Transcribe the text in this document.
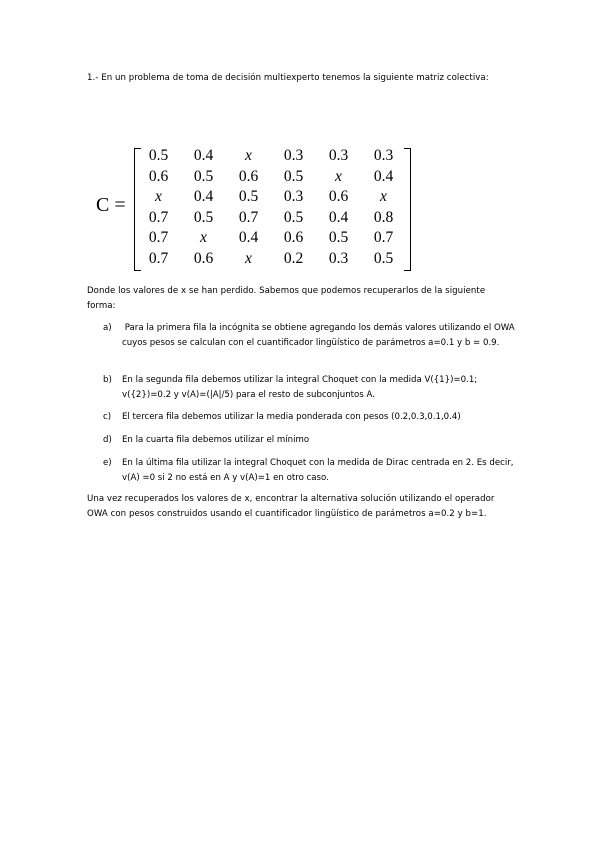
1.- En un problema de toma de decisión multiexperto tenemos la siguiente matriz colectiva:

C =
0.5	0.4	x	0.3	0.3	0.3
0.6	0.5	0.6	0.5	x	0.4
x	0.4	0.5	0.3	0.6	x
0.7	0.5	0.7	0.5	0.4	0.8
0.7	x	0.4	0.6	0.5	0.7
0.7	0.6	x	0.2	0.3	0.5

Donde los valores de x se han perdido. Sabemos que podemos recuperarlos de la siguiente forma:

a) Para la primera fila la incógnita se obtiene agregando los demás valores utilizando el OWA cuyos pesos se calculan con el cuantificador lingüístico de parámetros a=0.1 y b = 0.9.
b) En la segunda fila debemos utilizar la integral Choquet con la medida V({1})=0.1; v({2})=0.2 y v(A)=(|A|/5) para el resto de subconjuntos A.
c) El tercera fila debemos utilizar la media ponderada con pesos (0.2,0.3,0.1,0.4)
d) En la cuarta fila debemos utilizar el mínimo
e) En la última fila utilizar la integral Choquet con la medida de Dirac centrada en 2. Es decir, v(A) =0 si 2 no está en A y v(A)=1 en otro caso.

Una vez recuperados los valores de x, encontrar la alternativa solución utilizando el operador OWA con pesos construidos usando el cuantificador lingüístico de parámetros a=0.2 y b=1.
